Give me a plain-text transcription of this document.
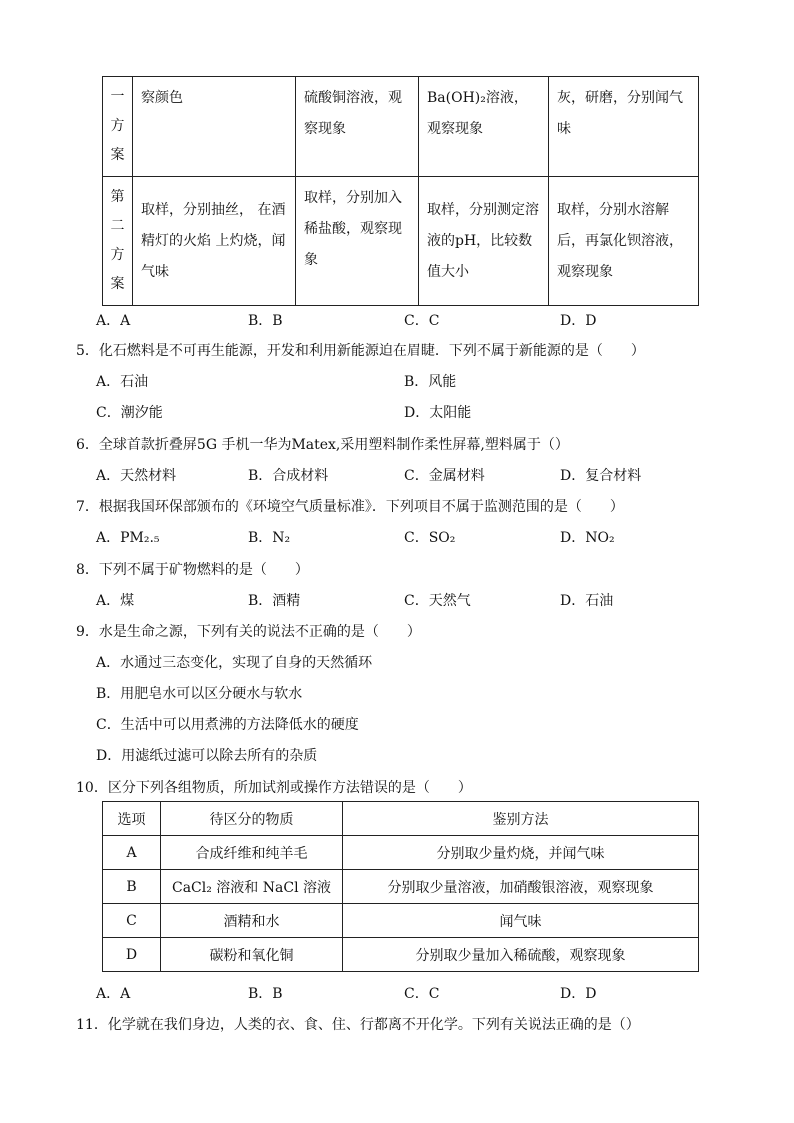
一
方
案	察颜色	硫酸铜溶液，观察现象	Ba(OH)₂溶液，观察现象	灰，研磨，分别闻气味

第
二
方
案	取样，分别抽丝， 在酒精灯的火焰 上灼烧，闻气味	取样，分别加入稀盐酸，观察现象	取样，分别测定溶液的pH，比较数值大小	取样，分别水溶解后，再氯化钡溶液，观察现象
A．A	B．B	C．C	D．D
5．化石燃料是不可再生能源，开发和利用新能源迫在眉睫．下列不属于新能源的是（　　）
A．石油	B．风能
C．潮汐能	D．太阳能
6．全球首款折叠屏5G 手机一华为Matex,采用塑料制作柔性屏幕,塑料属于（）
A．天然材料	B．合成材料	C．金属材料	D．复合材料
7．根据我国环保部颁布的《环境空气质量标准》．下列项目不属于监测范围的是（　　）
A．PM₂.₅	B．N₂	C．SO₂	D．NO₂
8．下列不属于矿物燃料的是（　　）
A．煤	B．酒精	C．天然气	D．石油
9．水是生命之源，下列有关的说法不正确的是（　　）
A．水通过三态变化，实现了自身的天然循环
B．用肥皂水可以区分硬水与软水
C．生活中可以用煮沸的方法降低水的硬度
D．用滤纸过滤可以除去所有的杂质
10．区分下列各组物质，所加试剂或操作方法错误的是（　　）
选项	待区分的物质	鉴别方法
A	合成纤维和纯羊毛	分别取少量灼烧，并闻气味
B	CaCl₂ 溶液和 NaCl 溶液	分别取少量溶液，加硝酸银溶液，观察现象
C	酒精和水	闻气味
D	碳粉和氧化铜	分别取少量加入稀硫酸，观察现象
A．A	B．B	C．C	D．D
11．化学就在我们身边，人类的衣、食、住、行都离不开化学。下列有关说法正确的是（）
